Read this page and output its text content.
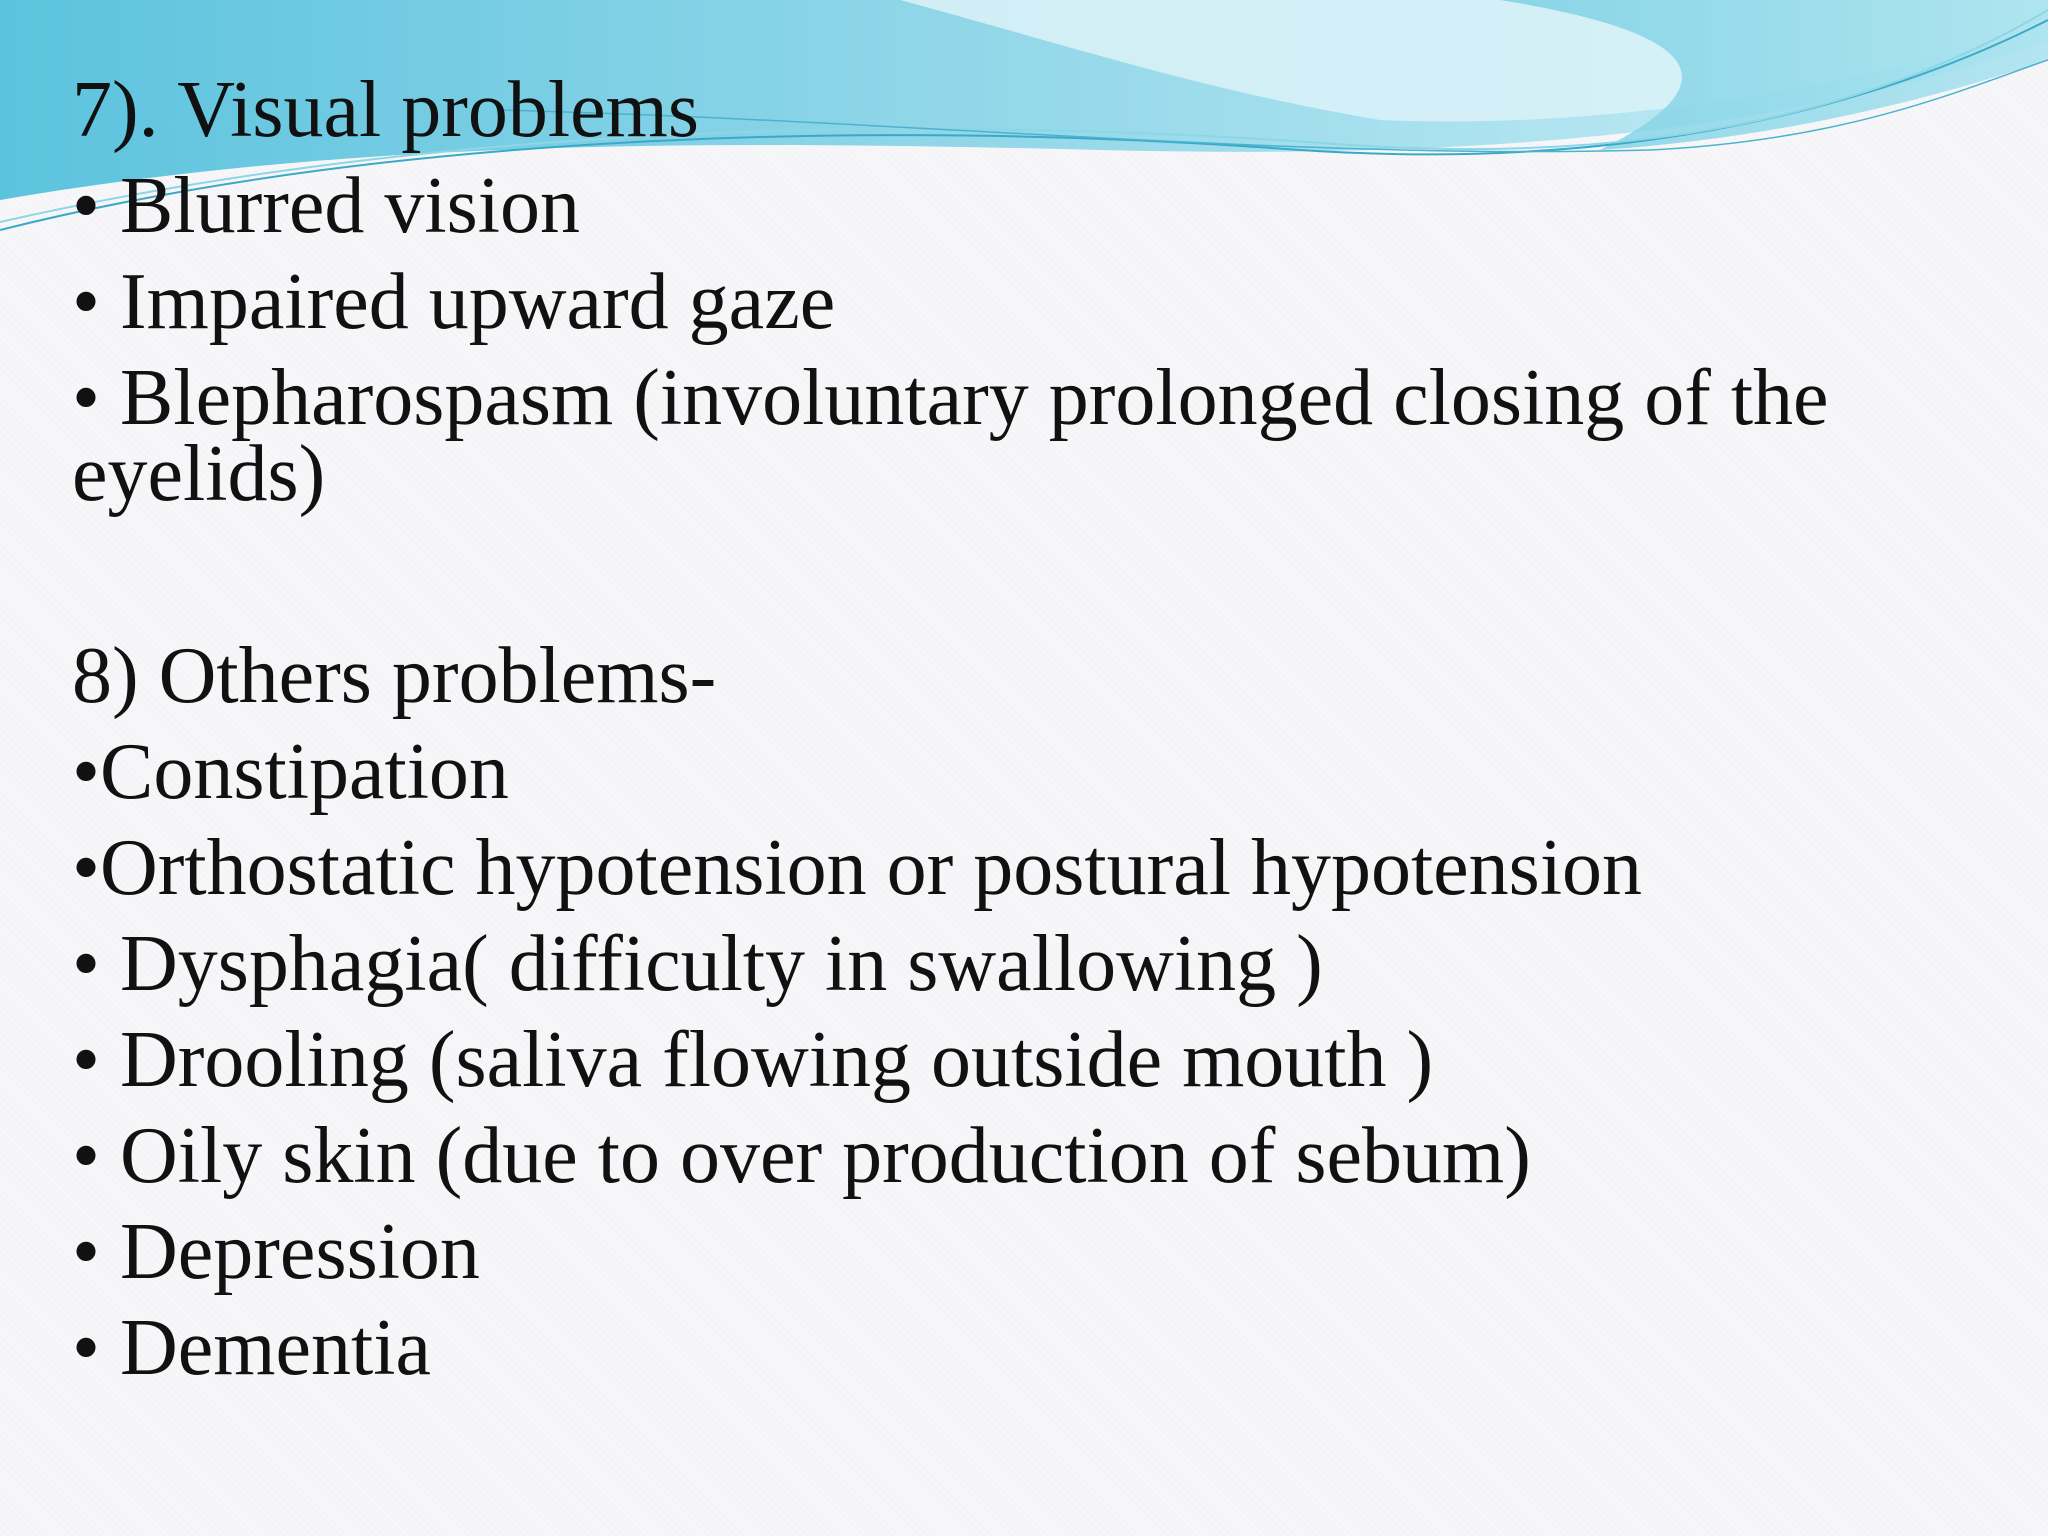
7). Visual problems
• Blurred vision
• Impaired upward gaze
• Blepharospasm (involuntary prolonged closing of the eyelids)
8) Others problems-
•Constipation
•Orthostatic hypotension or postural hypotension
• Dysphagia( difficulty in swallowing )
• Drooling (saliva flowing outside mouth )
• Oily skin (due to over production of sebum)
• Depression
• Dementia
